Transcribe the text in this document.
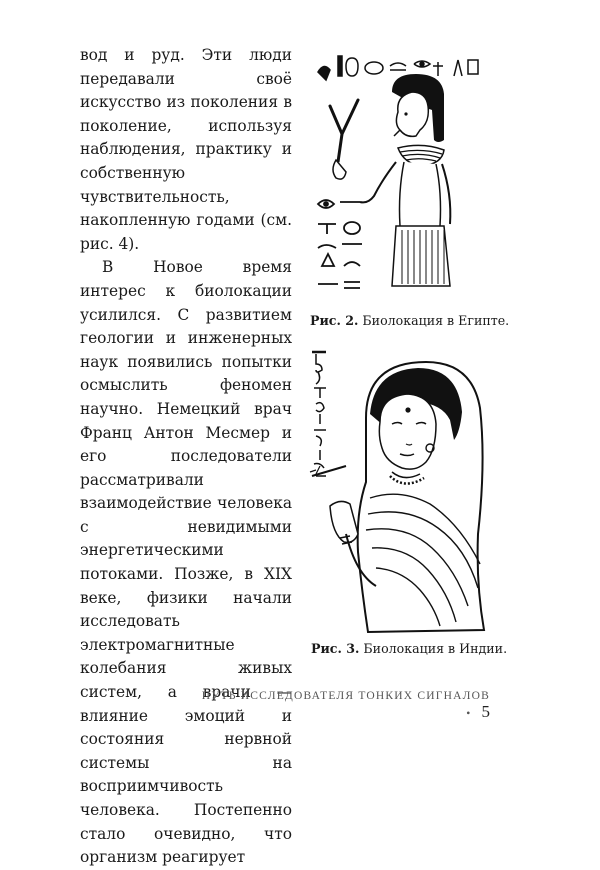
вод и руд. Эти люди передавали своё искусство из поколения в поколение, используя наблюдения, практику и собственную чувствительность, накопленную годами (см. рис. 4).

В Новое время интерес к биолокации усилился. С развитием геологии и инженерных наук появились попытки осмыслить феномен научно. Немецкий врач Франц Антон Месмер и его последователи рассматривали взаимодействие человека с невидимыми энергетическими потоками. Позже, в XIX веке, физики начали исследовать электромагнитные колебания живых систем, а врачи — влияние эмоций и состояния нервной системы на восприимчивость человека. Постепенно стало очевидно, что организм реагирует

Рис. 2. Биолокация в Египте.
Рис. 3. Биолокация в Индии.
ПУТЬ ИССЛЕДОВАТЕЛЯ ТОНКИХ СИГНАЛОВ • 5
